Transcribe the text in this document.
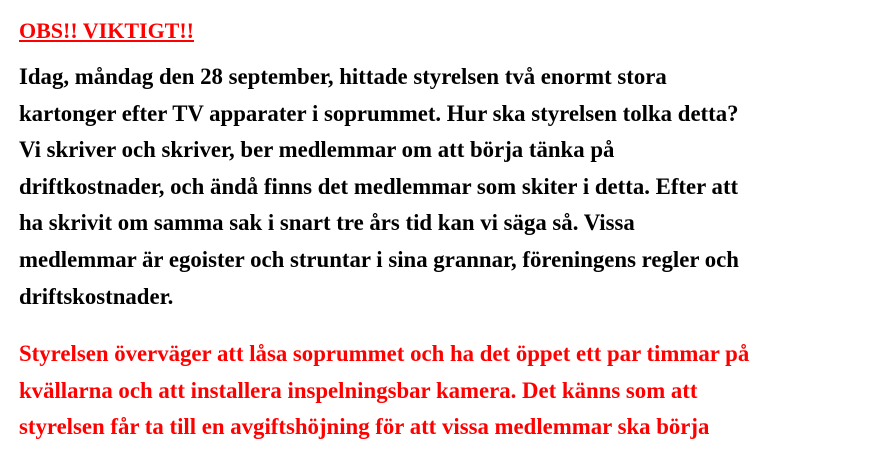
OBS!! VIKTIGT!!

Idag, måndag den 28 september, hittade styrelsen två enormt stora
kartonger efter TV apparater i soprummet. Hur ska styrelsen tolka detta?
Vi skriver och skriver, ber medlemmar om att börja tänka på
driftkostnader, och ändå finns det medlemmar som skiter i detta. Efter att
ha skrivit om samma sak i snart tre års tid kan vi säga så. Vissa
medlemmar är egoister och struntar i sina grannar, föreningens regler och
driftskostnader.

Styrelsen överväger att låsa soprummet och ha det öppet ett par timmar på
kvällarna och att installera inspelningsbar kamera. Det känns som att
styrelsen får ta till en avgiftshöjning för att vissa medlemmar ska börja
